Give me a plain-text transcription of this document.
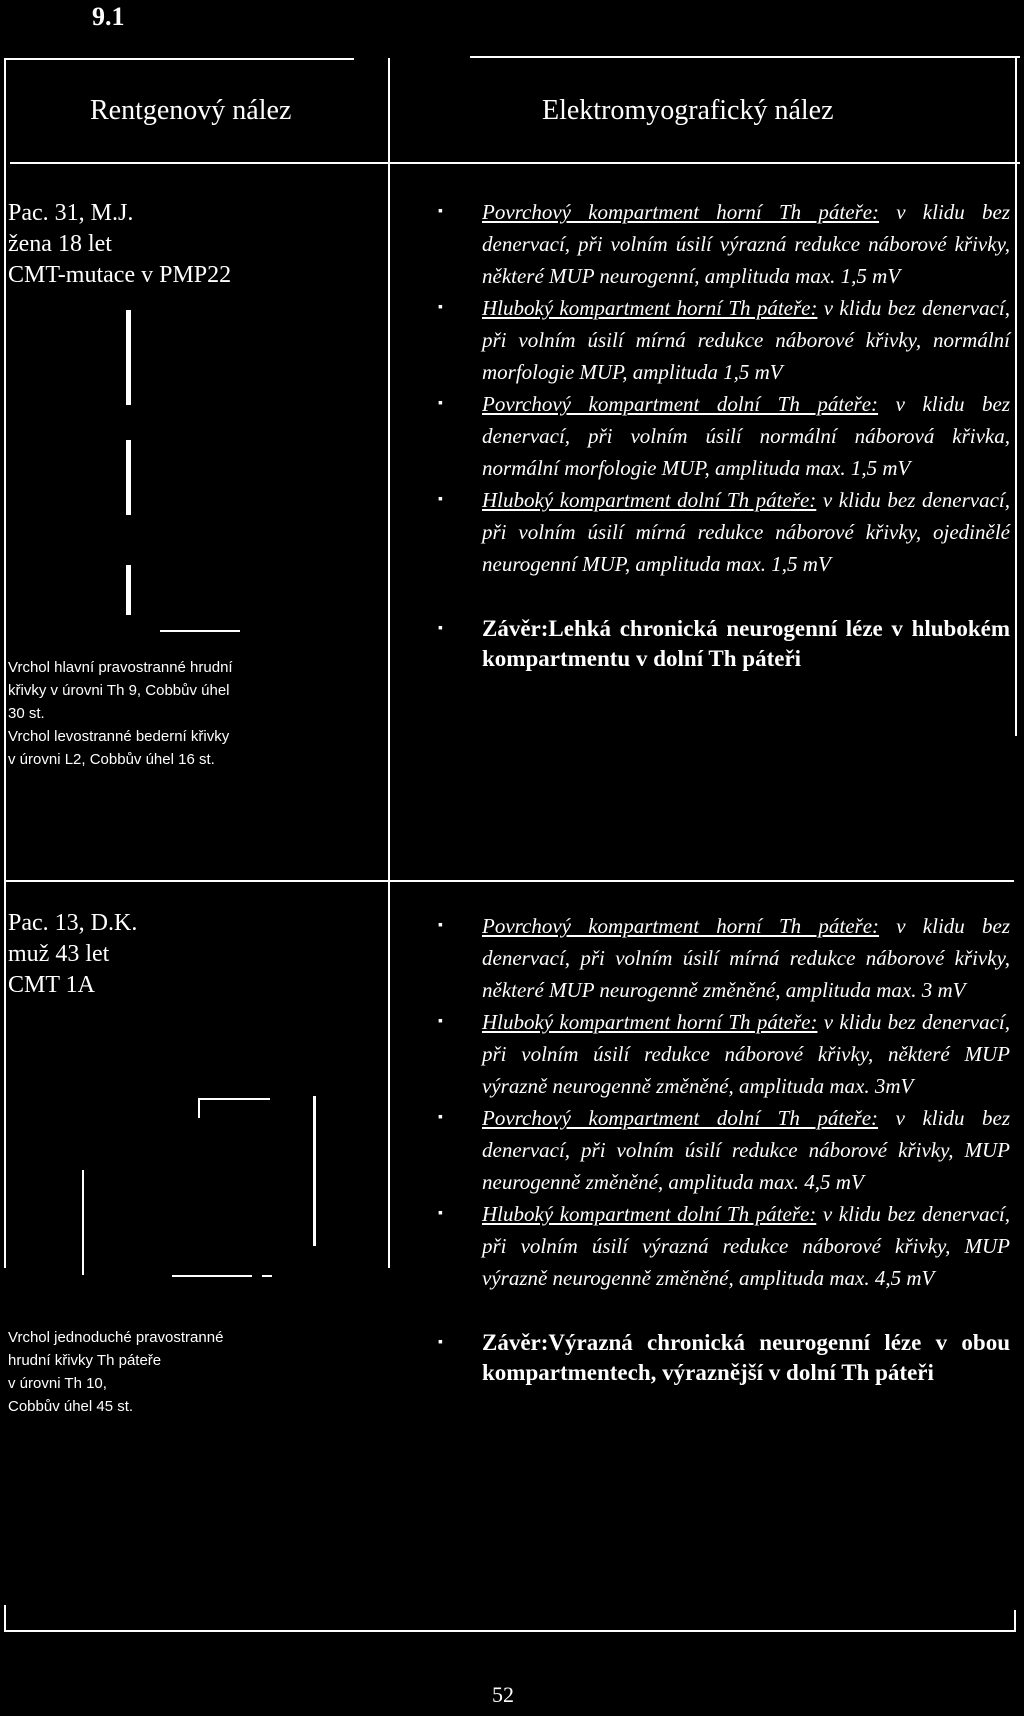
9.1
Rentgenový nález	Elektromyografický nález
Pac. 31, M.J.
žena 18 let
CMT-mutace v PMP22
Vrchol hlavní pravostranné hrudní
křivky v úrovni Th 9, Cobbův úhel
30 st.
Vrchol levostranné bederní křivky
v úrovni L2, Cobbův úhel 16 st.
▪ Povrchový kompartment horní Th páteře: v klidu bez denervací, při volním úsilí výrazná redukce náborové křivky, některé MUP neurogenní, amplituda max. 1,5 mV
▪ Hluboký kompartment horní Th páteře: v klidu bez denervací, při volním úsilí mírná redukce náborové křivky, normální morfologie MUP, amplituda 1,5 mV
▪ Povrchový kompartment dolní Th páteře: v klidu bez denervací, při volním úsilí normální náborová křivka, normální morfologie MUP, amplituda max. 1,5 mV
▪ Hluboký kompartment dolní Th páteře: v klidu bez denervací, při volním úsilí mírná redukce náborové křivky, ojedinělé neurogenní MUP, amplituda max. 1,5 mV
▪ Závěr:Lehká chronická neurogenní léze v hlubokém kompartmentu v dolní Th páteři
Pac. 13, D.K.
muž 43 let
CMT 1A
Vrchol jednoduché pravostranné
hrudní křivky Th páteře
v úrovni Th 10,
Cobbův úhel 45 st.
▪ Povrchový kompartment horní Th páteře: v klidu bez denervací, při volním úsilí mírná redukce náborové křivky, některé MUP neurogenně změněné, amplituda max. 3 mV
▪ Hluboký kompartment horní Th páteře: v klidu bez denervací, při volním úsilí redukce náborové křivky, některé MUP výrazně neurogenně změněné, amplituda max. 3mV
▪ Povrchový kompartment dolní Th páteře: v klidu bez denervací, při volním úsilí redukce náborové křivky, MUP neurogenně změněné, amplituda max. 4,5 mV
▪ Hluboký kompartment dolní Th páteře: v klidu bez denervací, při volním úsilí výrazná redukce náborové křivky, MUP výrazně neurogenně změněné, amplituda max. 4,5 mV
▪ Závěr:Výrazná chronická neurogenní léze v obou kompartmentech, výraznější v dolní Th páteři
52
